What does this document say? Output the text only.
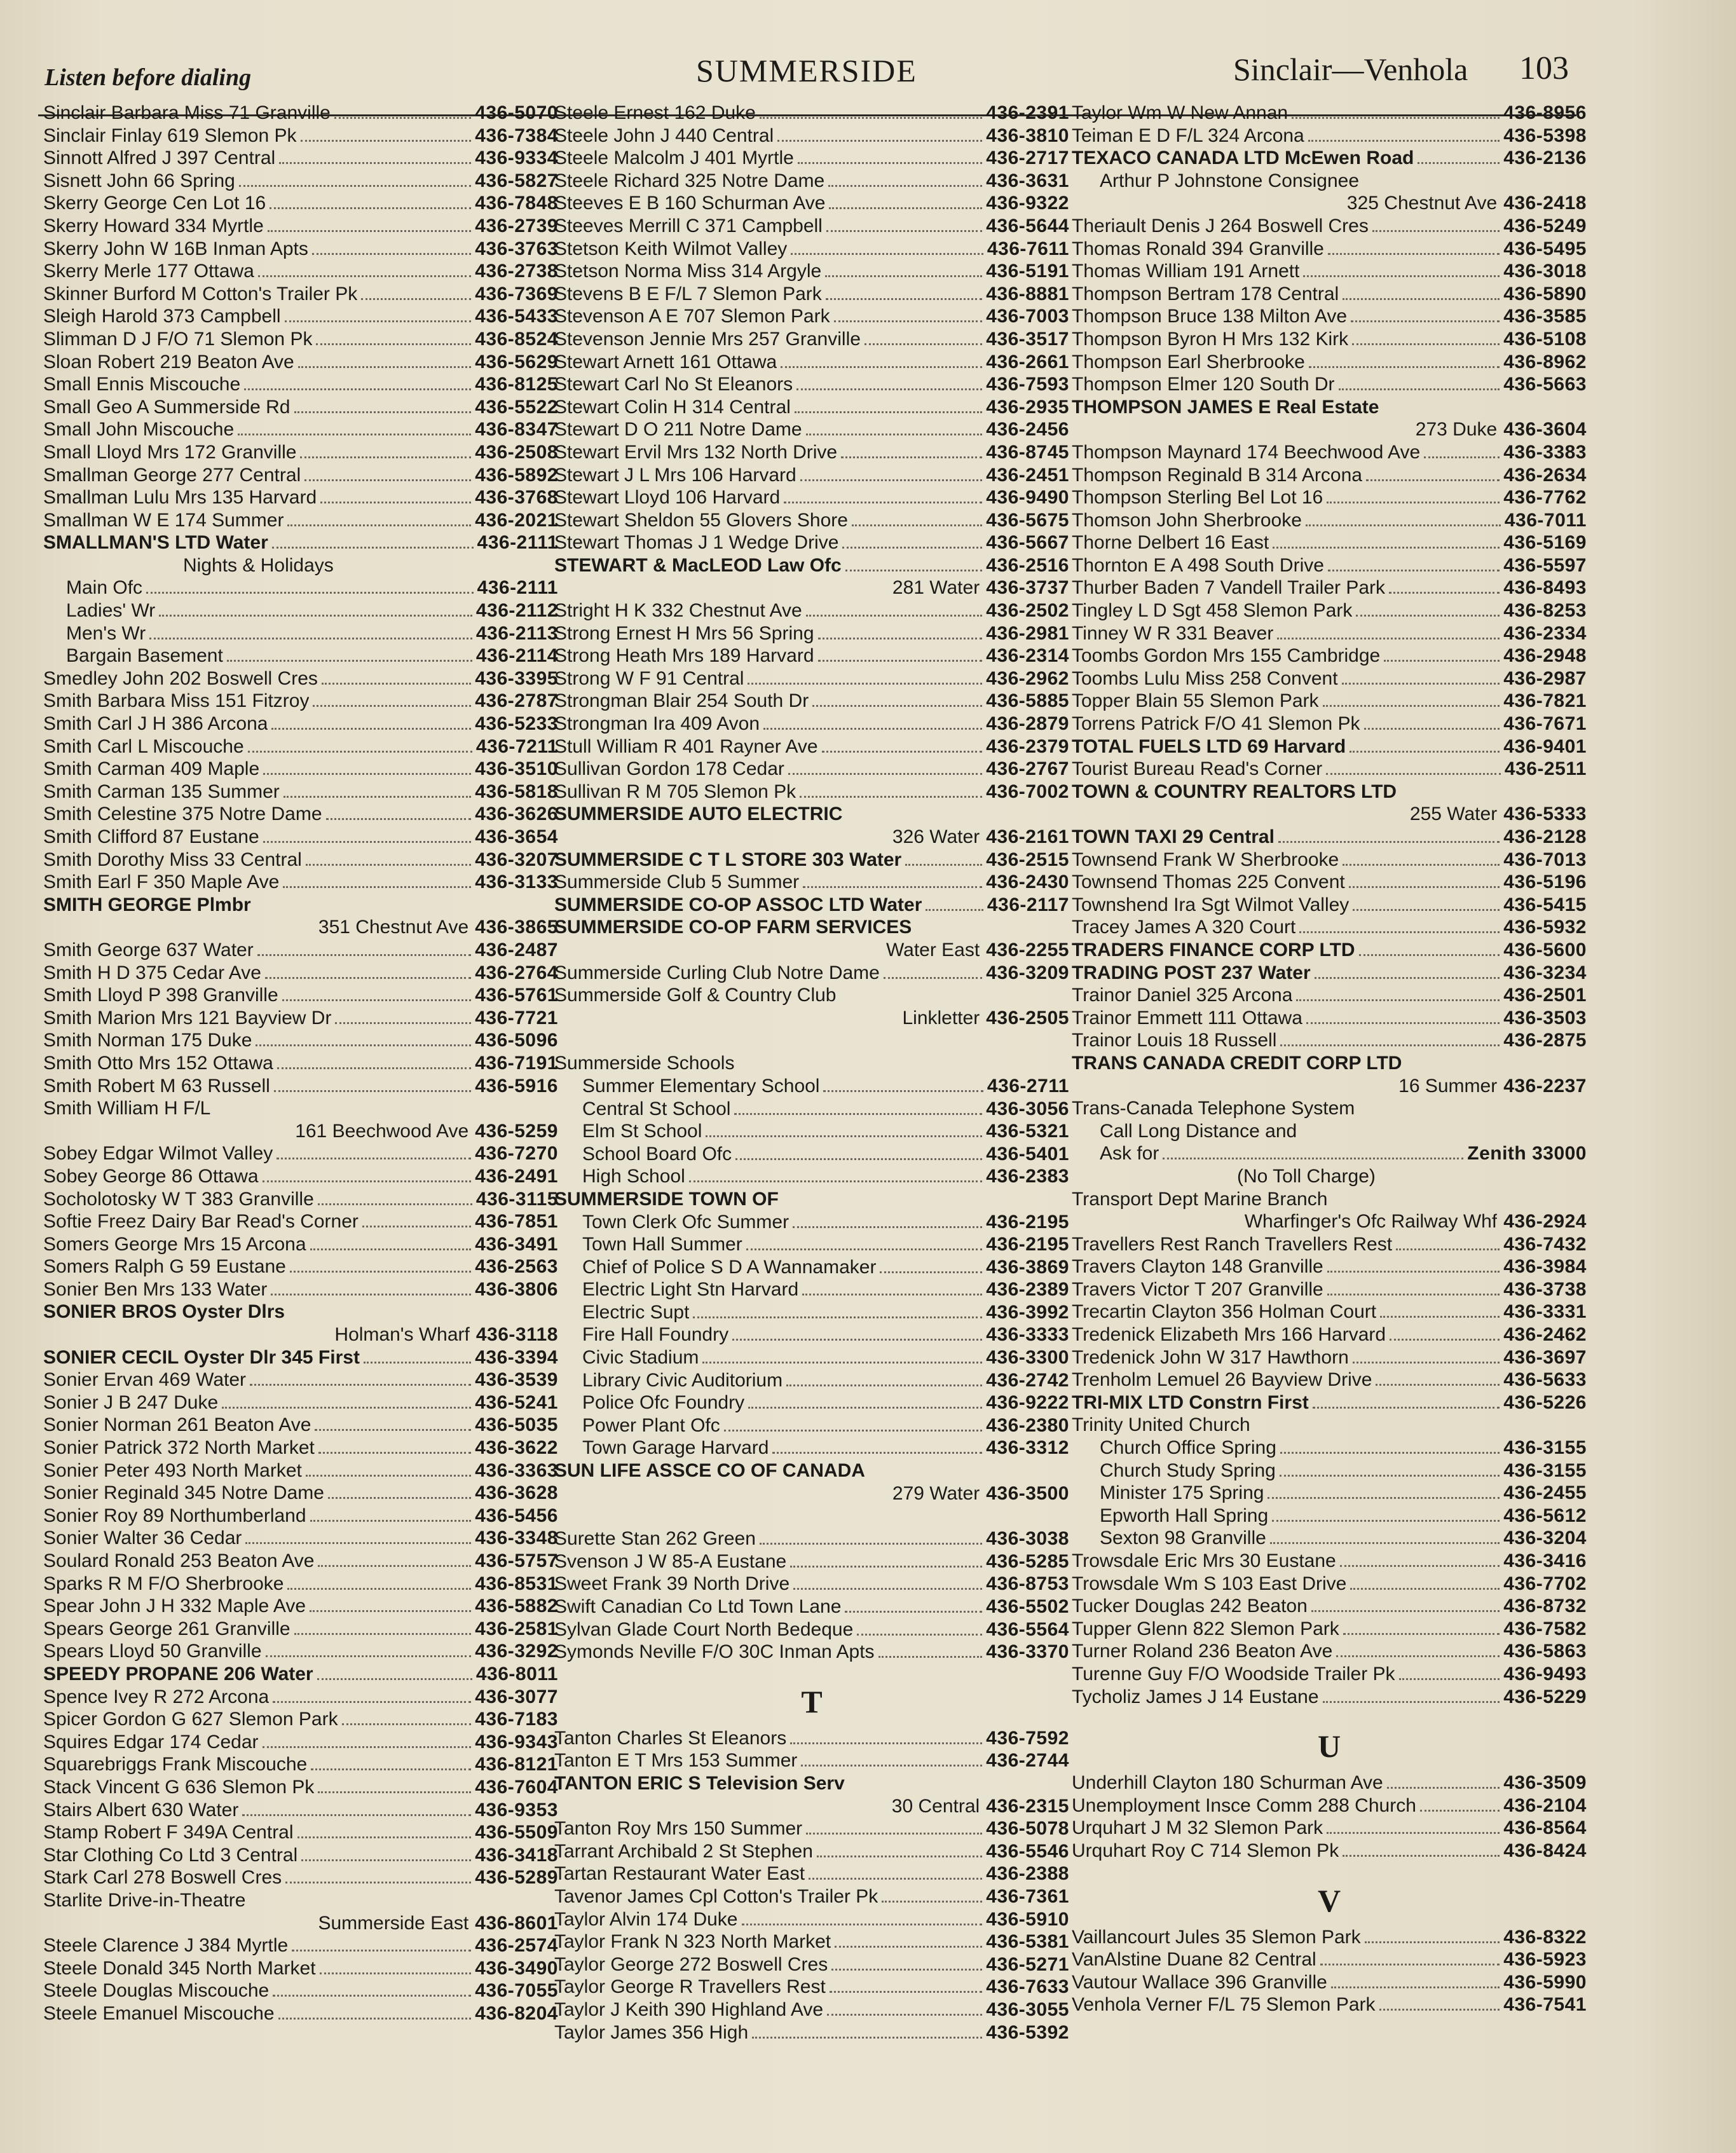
Listen before dialing	SUMMERSIDE	Sinclair—Venhola 103
Sinclair Barbara Miss 71 Granville	436-5070
Sinclair Finlay 619 Slemon Pk	436-7384
Sinnott Alfred J 397 Central	436-9334
Sisnett John 66 Spring	436-5827
Skerry George Cen Lot 16	436-7848
Skerry Howard 334 Myrtle	436-2739
Skerry John W 16B Inman Apts	436-3763
Skerry Merle 177 Ottawa	436-2738
Skinner Burford M Cotton's Trailer Pk	436-7369
Sleigh Harold 373 Campbell	436-5433
Slimman D J F/O 71 Slemon Pk	436-8524
Sloan Robert 219 Beaton Ave	436-5629
Small Ennis Miscouche	436-8125
Small Geo A Summerside Rd	436-5522
Small John Miscouche	436-8347
Small Lloyd Mrs 172 Granville	436-2508
Smallman George 277 Central	436-5892
Smallman Lulu Mrs 135 Harvard	436-3768
Smallman W E 174 Summer	436-2021
SMALLMAN'S LTD Water	436-2111
Nights & Holidays
Main Ofc	436-2111
Ladies' Wr	436-2112
Men's Wr	436-2113
Bargain Basement	436-2114
Smedley John 202 Boswell Cres	436-3395
Smith Barbara Miss 151 Fitzroy	436-2787
Smith Carl J H 386 Arcona	436-5233
Smith Carl L Miscouche	436-7211
Smith Carman 409 Maple	436-3510
Smith Carman 135 Summer	436-5818
Smith Celestine 375 Notre Dame	436-3626
Smith Clifford 87 Eustane	436-3654
Smith Dorothy Miss 33 Central	436-3207
Smith Earl F 350 Maple Ave	436-3133
SMITH GEORGE Plmbr
351 Chestnut Ave 436-3865
Smith George 637 Water	436-2487
Smith H D 375 Cedar Ave	436-2764
Smith Lloyd P 398 Granville	436-5761
Smith Marion Mrs 121 Bayview Dr	436-7721
Smith Norman 175 Duke	436-5096
Smith Otto Mrs 152 Ottawa	436-7191
Smith Robert M 63 Russell	436-5916
Smith William H F/L
161 Beechwood Ave 436-5259
Sobey Edgar Wilmot Valley	436-7270
Sobey George 86 Ottawa	436-2491
Socholotosky W T 383 Granville	436-3115
Softie Freez Dairy Bar Read's Corner	436-7851
Somers George Mrs 15 Arcona	436-3491
Somers Ralph G 59 Eustane	436-2563
Sonier Ben Mrs 133 Water	436-3806
SONIER BROS Oyster Dlrs
Holman's Wharf 436-3118
SONIER CECIL Oyster Dlr 345 First	436-3394
Sonier Ervan 469 Water	436-3539
Sonier J B 247 Duke	436-5241
Sonier Norman 261 Beaton Ave	436-5035
Sonier Patrick 372 North Market	436-3622
Sonier Peter 493 North Market	436-3363
Sonier Reginald 345 Notre Dame	436-3628
Sonier Roy 89 Northumberland	436-5456
Sonier Walter 36 Cedar	436-3348
Soulard Ronald 253 Beaton Ave	436-5757
Sparks R M F/O Sherbrooke	436-8531
Spear John J H 332 Maple Ave	436-5882
Spears George 261 Granville	436-2581
Spears Lloyd 50 Granville	436-3292
SPEEDY PROPANE 206 Water	436-8011
Spence Ivey R 272 Arcona	436-3077
Spicer Gordon G 627 Slemon Park	436-7183
Squires Edgar 174 Cedar	436-9343
Squarebriggs Frank Miscouche	436-8121
Stack Vincent G 636 Slemon Pk	436-7604
Stairs Albert 630 Water	436-9353
Stamp Robert F 349A Central	436-5509
Star Clothing Co Ltd 3 Central	436-3418
Stark Carl 278 Boswell Cres	436-5289
Starlite Drive-in-Theatre
Summerside East 436-8601
Steele Clarence J 384 Myrtle	436-2574
Steele Donald 345 North Market	436-3490
Steele Douglas Miscouche	436-7055
Steele Emanuel Miscouche	436-8204
Steele Ernest 162 Duke	436-2391
Steele John J 440 Central	436-3810
Steele Malcolm J 401 Myrtle	436-2717
Steele Richard 325 Notre Dame	436-3631
Steeves E B 160 Schurman Ave	436-9322
Steeves Merrill C 371 Campbell	436-5644
Stetson Keith Wilmot Valley	436-7611
Stetson Norma Miss 314 Argyle	436-5191
Stevens B E F/L 7 Slemon Park	436-8881
Stevenson A E 707 Slemon Park	436-7003
Stevenson Jennie Mrs 257 Granville	436-3517
Stewart Arnett 161 Ottawa	436-2661
Stewart Carl No St Eleanors	436-7593
Stewart Colin H 314 Central	436-2935
Stewart D O 211 Notre Dame	436-2456
Stewart Ervil Mrs 132 North Drive	436-8745
Stewart J L Mrs 106 Harvard	436-2451
Stewart Lloyd 106 Harvard	436-9490
Stewart Sheldon 55 Glovers Shore	436-5675
Stewart Thomas J 1 Wedge Drive	436-5667
STEWART & MacLEOD Law Ofc	436-2516
281 Water 436-3737
Stright H K 332 Chestnut Ave	436-2502
Strong Ernest H Mrs 56 Spring	436-2981
Strong Heath Mrs 189 Harvard	436-2314
Strong W F 91 Central	436-2962
Strongman Blair 254 South Dr	436-5885
Strongman Ira 409 Avon	436-2879
Stull William R 401 Rayner Ave	436-2379
Sullivan Gordon 178 Cedar	436-2767
Sullivan R M 705 Slemon Pk	436-7002
SUMMERSIDE AUTO ELECTRIC
326 Water 436-2161
SUMMERSIDE C T L STORE 303 Water	436-2515
Summerside Club 5 Summer	436-2430
SUMMERSIDE CO-OP ASSOC LTD Water	436-2117
SUMMERSIDE CO-OP FARM SERVICES
Water East 436-2255
Summerside Curling Club Notre Dame	436-3209
Summerside Golf & Country Club
Linkletter 436-2505
Summerside Schools
Summer Elementary School	436-2711
Central St School	436-3056
Elm St School	436-5321
School Board Ofc	436-5401
High School	436-2383
SUMMERSIDE TOWN OF
Town Clerk Ofc Summer	436-2195
Town Hall Summer	436-2195
Chief of Police S D A Wannamaker	436-3869
Electric Light Stn Harvard	436-2389
Electric Supt	436-3992
Fire Hall Foundry	436-3333
Civic Stadium	436-3300
Library Civic Auditorium	436-2742
Police Ofc Foundry	436-9222
Power Plant Ofc	436-2380
Town Garage Harvard	436-3312
SUN LIFE ASSCE CO OF CANADA
279 Water 436-3500
Surette Stan 262 Green	436-3038
Svenson J W 85-A Eustane	436-5285
Sweet Frank 39 North Drive	436-8753
Swift Canadian Co Ltd Town Lane	436-5502
Sylvan Glade Court North Bedeque	436-5564
Symonds Neville F/O 30C Inman Apts	436-3370
T
Tanton Charles St Eleanors	436-7592
Tanton E T Mrs 153 Summer	436-2744
TANTON ERIC S Television Serv
30 Central 436-2315
Tanton Roy Mrs 150 Summer	436-5078
Tarrant Archibald 2 St Stephen	436-5546
Tartan Restaurant Water East	436-2388
Tavenor James Cpl Cotton's Trailer Pk	436-7361
Taylor Alvin 174 Duke	436-5910
Taylor Frank N 323 North Market	436-5381
Taylor George 272 Boswell Cres	436-5271
Taylor George R Travellers Rest	436-7633
Taylor J Keith 390 Highland Ave	436-3055
Taylor James 356 High	436-5392
Taylor Wm W New Annan	436-8956
Teiman E D F/L 324 Arcona	436-5398
TEXACO CANADA LTD McEwen Road	436-2136
Arthur P Johnstone Consignee
325 Chestnut Ave 436-2418
Theriault Denis J 264 Boswell Cres	436-5249
Thomas Ronald 394 Granville	436-5495
Thomas William 191 Arnett	436-3018
Thompson Bertram 178 Central	436-5890
Thompson Bruce 138 Milton Ave	436-3585
Thompson Byron H Mrs 132 Kirk	436-5108
Thompson Earl Sherbrooke	436-8962
Thompson Elmer 120 South Dr	436-5663
THOMPSON JAMES E Real Estate
273 Duke 436-3604
Thompson Maynard 174 Beechwood Ave	436-3383
Thompson Reginald B 314 Arcona	436-2634
Thompson Sterling Bel Lot 16	436-7762
Thomson John Sherbrooke	436-7011
Thorne Delbert 16 East	436-5169
Thornton E A 498 South Drive	436-5597
Thurber Baden 7 Vandell Trailer Park	436-8493
Tingley L D Sgt 458 Slemon Park	436-8253
Tinney W R 331 Beaver	436-2334
Toombs Gordon Mrs 155 Cambridge	436-2948
Toombs Lulu Miss 258 Convent	436-2987
Topper Blain 55 Slemon Park	436-7821
Torrens Patrick F/O 41 Slemon Pk	436-7671
TOTAL FUELS LTD 69 Harvard	436-9401
Tourist Bureau Read's Corner	436-2511
TOWN & COUNTRY REALTORS LTD
255 Water 436-5333
TOWN TAXI 29 Central	436-2128
Townsend Frank W Sherbrooke	436-7013
Townsend Thomas 225 Convent	436-5196
Townshend Ira Sgt Wilmot Valley	436-5415
Tracey James A 320 Court	436-5932
TRADERS FINANCE CORP LTD	436-5600
TRADING POST 237 Water	436-3234
Trainor Daniel 325 Arcona	436-2501
Trainor Emmett 111 Ottawa	436-3503
Trainor Louis 18 Russell	436-2875
TRANS CANADA CREDIT CORP LTD
16 Summer 436-2237
Trans-Canada Telephone System
Call Long Distance and
Ask for	Zenith 33000
(No Toll Charge)
Transport Dept Marine Branch
Wharfinger's Ofc Railway Whf 436-2924
Travellers Rest Ranch Travellers Rest	436-7432
Travers Clayton 148 Granville	436-3984
Travers Victor T 207 Granville	436-3738
Trecartin Clayton 356 Holman Court	436-3331
Tredenick Elizabeth Mrs 166 Harvard	436-2462
Tredenick John W 317 Hawthorn	436-3697
Trenholm Lemuel 26 Bayview Drive	436-5633
TRI-MIX LTD Constrn First	436-5226
Trinity United Church
Church Office Spring	436-3155
Church Study Spring	436-3155
Minister 175 Spring	436-2455
Epworth Hall Spring	436-5612
Sexton 98 Granville	436-3204
Trowsdale Eric Mrs 30 Eustane	436-3416
Trowsdale Wm S 103 East Drive	436-7702
Tucker Douglas 242 Beaton	436-8732
Tupper Glenn 822 Slemon Park	436-7582
Turner Roland 236 Beaton Ave	436-5863
Turenne Guy F/O Woodside Trailer Pk	436-9493
Tycholiz James J 14 Eustane	436-5229
U
Underhill Clayton 180 Schurman Ave	436-3509
Unemployment Insce Comm 288 Church	436-2104
Urquhart J M 32 Slemon Park	436-8564
Urquhart Roy C 714 Slemon Pk	436-8424
V
Vaillancourt Jules 35 Slemon Park	436-8322
VanAlstine Duane 82 Central	436-5923
Vautour Wallace 396 Granville	436-5990
Venhola Verner F/L 75 Slemon Park	436-7541
